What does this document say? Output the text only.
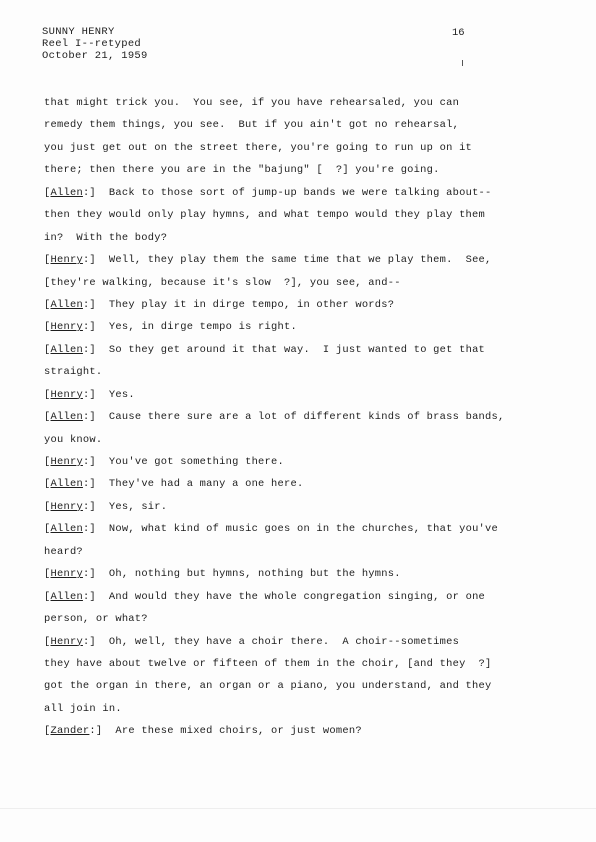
SUNNY HENRY
Reel I--retyped
October 21, 1959
16
that might trick you.  You see, if you have rehearsaled, you can
remedy them things, you see.  But if you ain't got no rehearsal,
you just get out on the street there, you're going to run up on it
there; then there you are in the "bajung" [  ?] you're going.
[Allen:]  Back to those sort of jump-up bands we were talking about--
then they would only play hymns, and what tempo would they play them
in?  With the body?
[Henry:]  Well, they play them the same time that we play them.  See,
[they're walking, because it's slow  ?], you see, and--
[Allen:]  They play it in dirge tempo, in other words?
[Henry:]  Yes, in dirge tempo is right.
[Allen:]  So they get around it that way.  I just wanted to get that
straight.
[Henry:]  Yes.
[Allen:]  Cause there sure are a lot of different kinds of brass bands,
you know.
[Henry:]  You've got something there.
[Allen:]  They've had a many a one here.
[Henry:]  Yes, sir.
[Allen:]  Now, what kind of music goes on in the churches, that you've
heard?
[Henry:]  Oh, nothing but hymns, nothing but the hymns.
[Allen:]  And would they have the whole congregation singing, or one
person, or what?
[Henry:]  Oh, well, they have a choir there.  A choir--sometimes
they have about twelve or fifteen of them in the choir, [and they  ?]
got the organ in there, an organ or a piano, you understand, and they
all join in.
[Zander:]  Are these mixed choirs, or just women?
